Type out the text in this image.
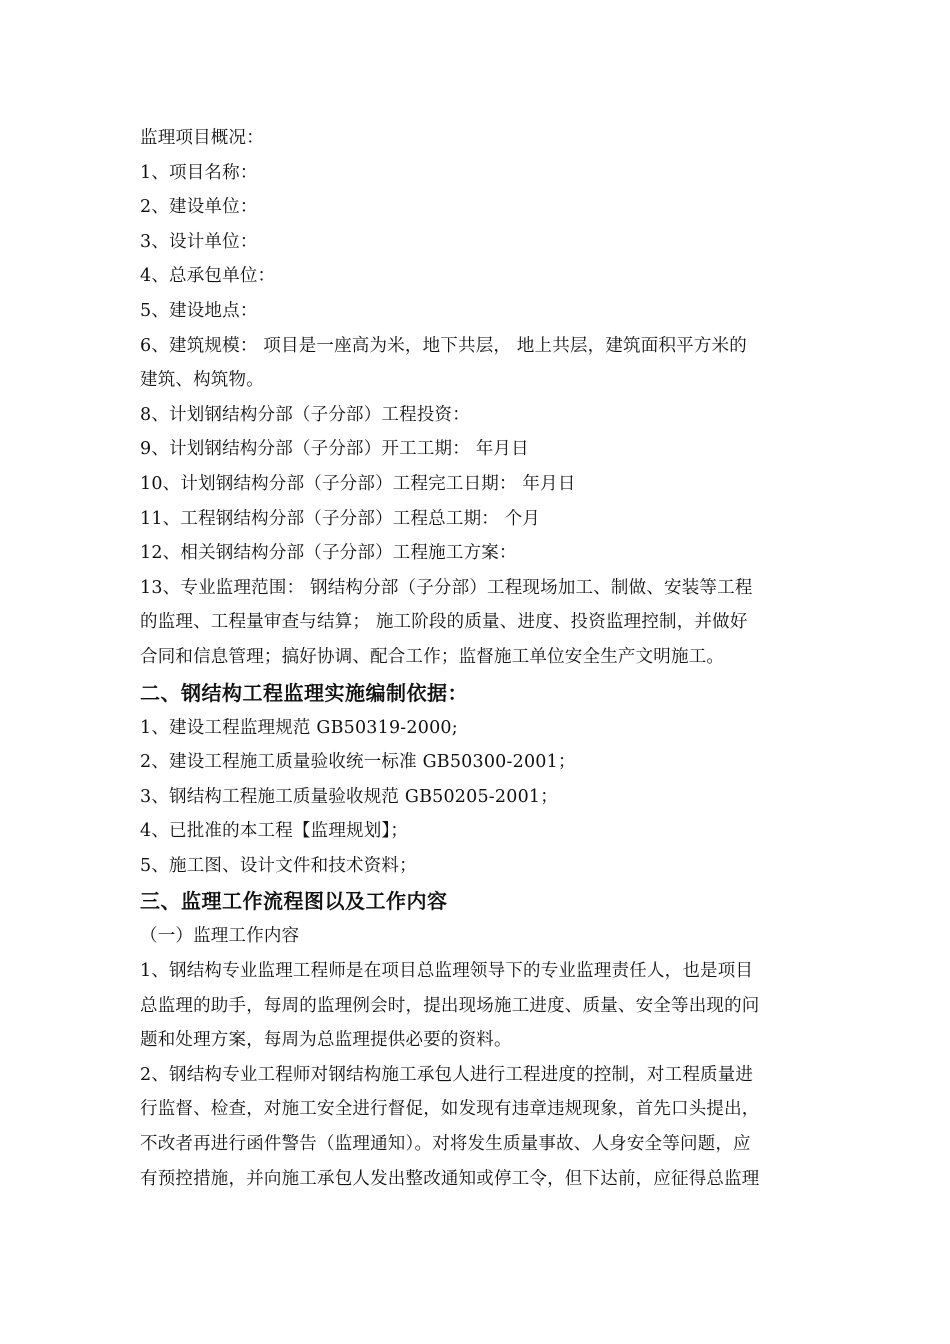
监理项目概况：
1、项目名称：
2、建设单位：
3、设计单位：
4、总承包单位：
5、建设地点：
6、建筑规模： 项目是一座高为米，地下共层， 地上共层，建筑面积平方米的
建筑、构筑物。
8、计划钢结构分部（子分部）工程投资：
9、计划钢结构分部（子分部）开工工期： 年月日
10、计划钢结构分部（子分部）工程完工日期： 年月日
11、工程钢结构分部（子分部）工程总工期： 个月
12、相关钢结构分部（子分部）工程施工方案：
13、专业监理范围： 钢结构分部（子分部）工程现场加工、制做、安装等工程
的监理、工程量审查与结算； 施工阶段的质量、进度、投资监理控制，并做好
合同和信息管理；搞好协调、配合工作；监督施工单位安全生产文明施工。
二、钢结构工程监理实施编制依据：
1、建设工程监理规范 GB50319-2000;
2、建设工程施工质量验收统一标准 GB50300-2001；
3、钢结构工程施工质量验收规范 GB50205-2001；
4、已批准的本工程【监理规划】；
5、施工图、设计文件和技术资料；
三、监理工作流程图以及工作内容
（一）监理工作内容
1、钢结构专业监理工程师是在项目总监理领导下的专业监理责任人，也是项目
总监理的助手，每周的监理例会时，提出现场施工进度、质量、安全等出现的问
题和处理方案，每周为总监理提供必要的资料。
2、钢结构专业工程师对钢结构施工承包人进行工程进度的控制，对工程质量进
行监督、检查，对施工安全进行督促，如发现有违章违规现象，首先口头提出，
不改者再进行函件警告（监理通知）。对将发生质量事故、人身安全等问题，应
有预控措施，并向施工承包人发出整改通知或停工令，但下达前，应征得总监理
